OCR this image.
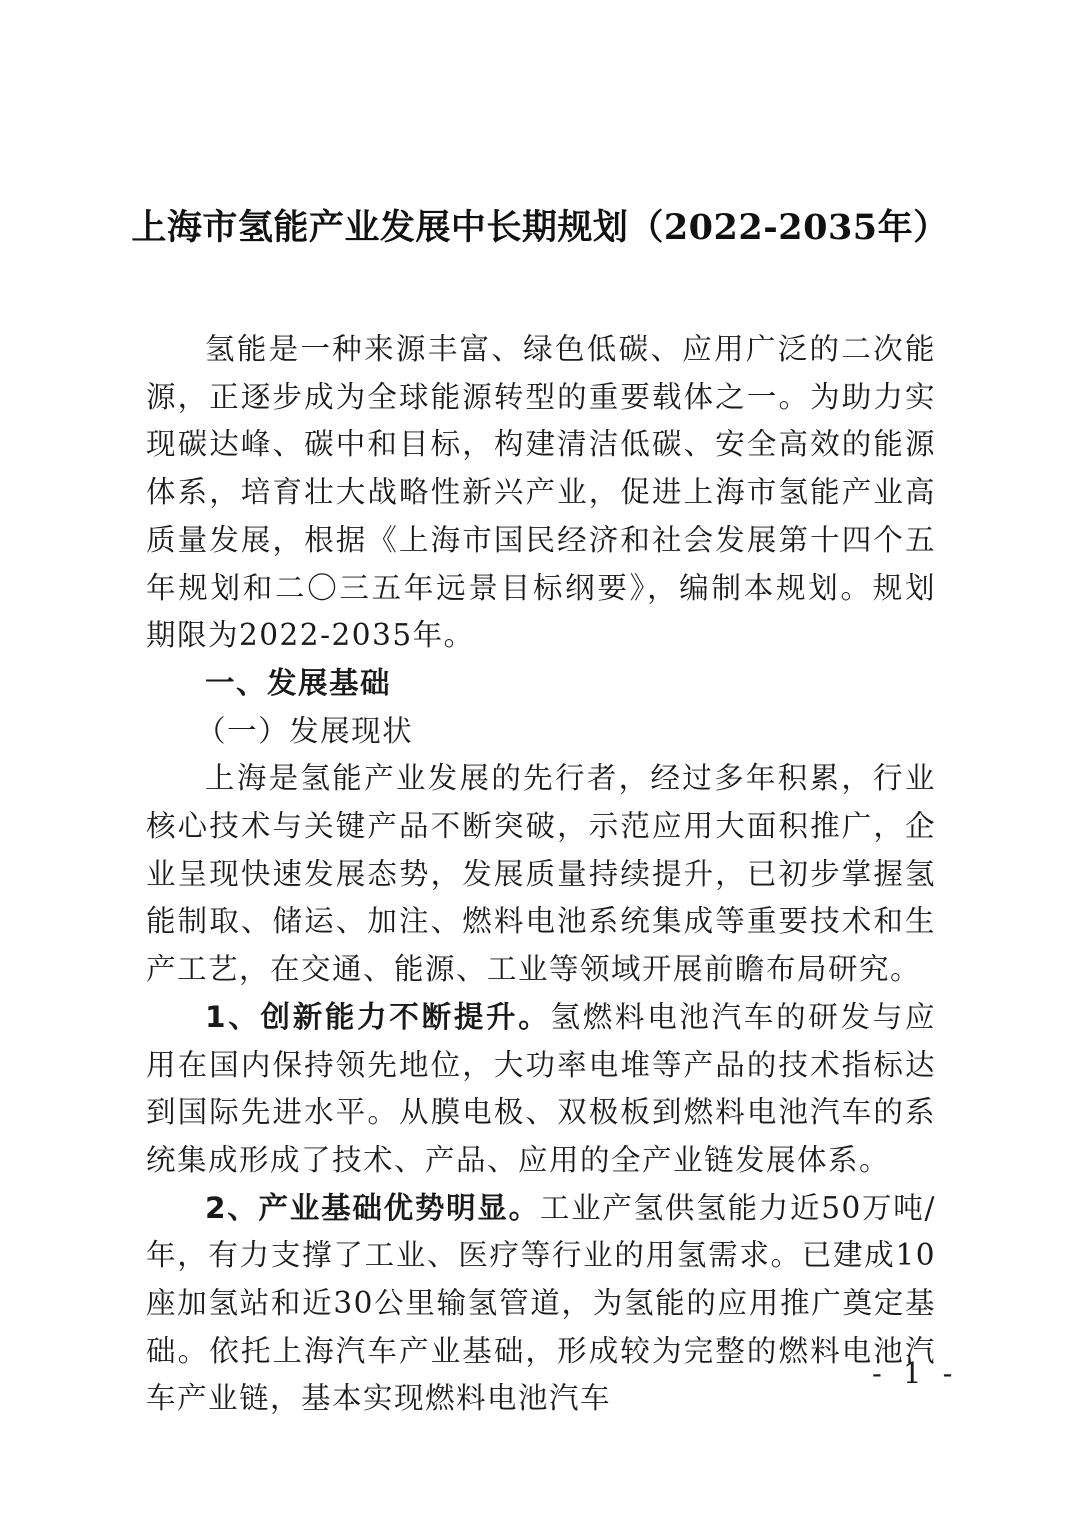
上海市氢能产业发展中长期规划（2022-2035年）

氢能是一种来源丰富、绿色低碳、应用广泛的二次能源，正逐步成为全球能源转型的重要载体之一。为助力实现碳达峰、碳中和目标，构建清洁低碳、安全高效的能源体系，培育壮大战略性新兴产业，促进上海市氢能产业高质量发展，根据《上海市国民经济和社会发展第十四个五年规划和二〇三五年远景目标纲要》，编制本规划。规划期限为2022-2035年。

一、发展基础

（一）发展现状

上海是氢能产业发展的先行者，经过多年积累，行业核心技术与关键产品不断突破，示范应用大面积推广，企业呈现快速发展态势，发展质量持续提升，已初步掌握氢能制取、储运、加注、燃料电池系统集成等重要技术和生产工艺，在交通、能源、工业等领域开展前瞻布局研究。

1、创新能力不断提升。氢燃料电池汽车的研发与应用在国内保持领先地位，大功率电堆等产品的技术指标达到国际先进水平。从膜电极、双极板到燃料电池汽车的系统集成形成了技术、产品、应用的全产业链发展体系。

2、产业基础优势明显。工业产氢供氢能力近50万吨/年，有力支撑了工业、医疗等行业的用氢需求。已建成10座加氢站和近30公里输氢管道，为氢能的应用推广奠定基础。依托上海汽车产业基础，形成较为完整的燃料电池汽车产业链，基本实现燃料电池汽车

- 1 -
